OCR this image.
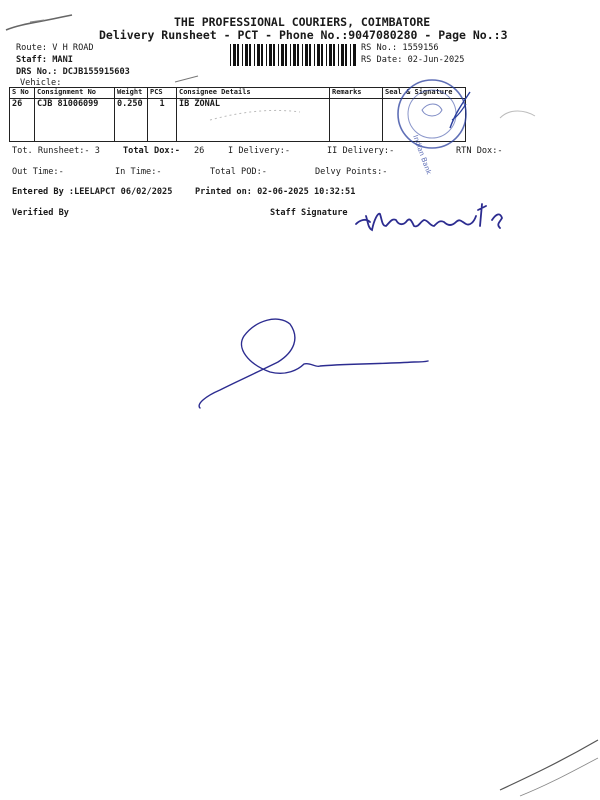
THE PROFESSIONAL COURIERS, COIMBATORE
Delivery Runsheet - PCT - Phone No.:9047080280 - Page No.:3
Route: V H ROAD
Staff: MANI
DRS No.: DCJB155915603
Vehicle:
RS No.: 1559156
RS Date: 02-Jun-2025
S No	Consignment No	Weight	PCS	Consignee Details	Remarks	Seal & Signature
26	CJB 81006099	0.250	1	IB ZONAL		
Tot. Runsheet:- 3	Total Dox:- 26	I Delivery:-	II Delivery:-	RTN Dox:-
Out Time:-	In Time:-	Total POD:-	Delvy Points:-
Entered By :LEELAPCT 06/02/2025	Printed on: 02-06-2025 10:32:51
Verified By	Staff Signature
Indian Bank
